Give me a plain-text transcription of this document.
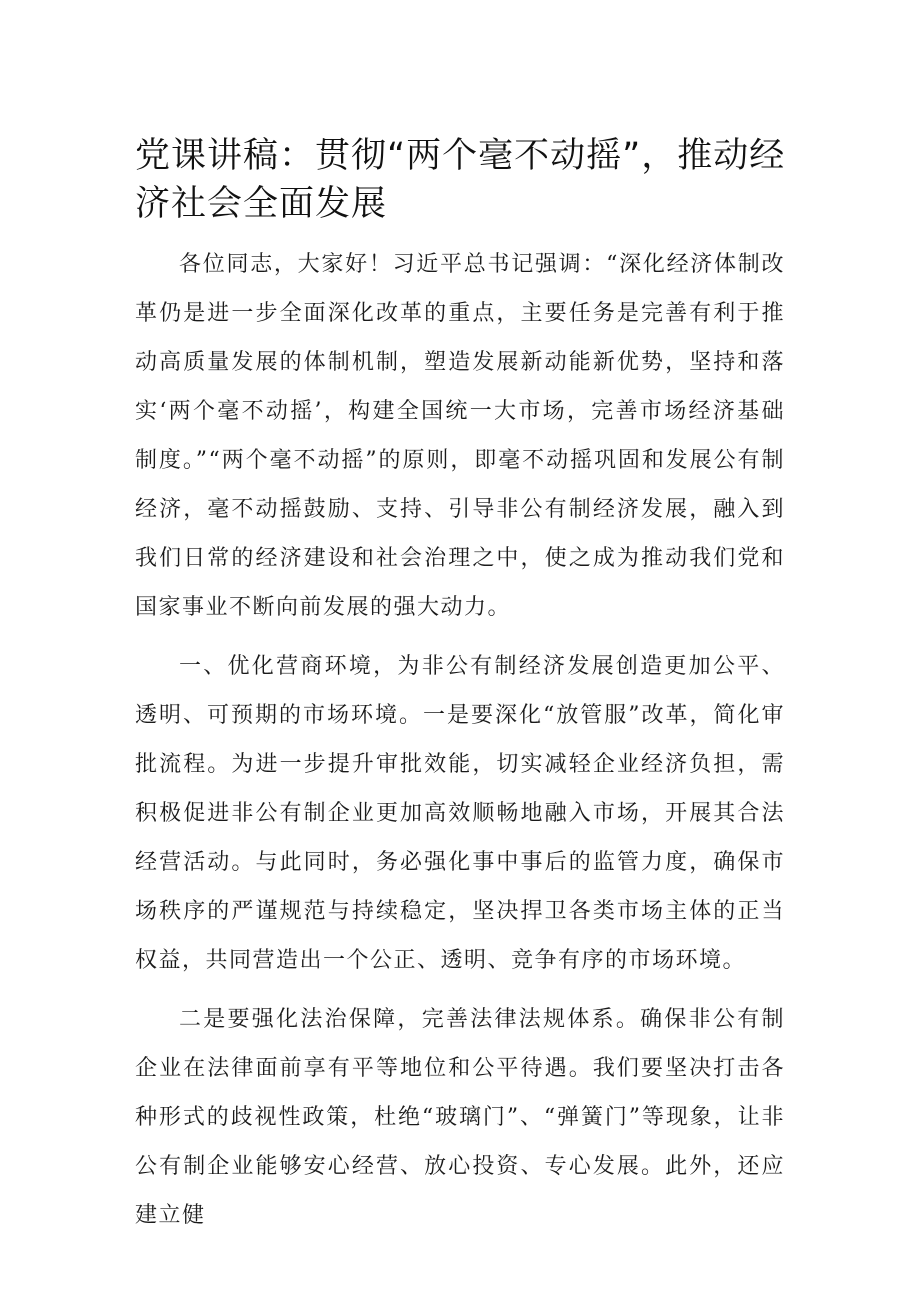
党课讲稿：贯彻“两个毫不动摇”，推动经济社会全面发展

各位同志，大家好！习近平总书记强调：“深化经济体制改革仍是进一步全面深化改革的重点，主要任务是完善有利于推动高质量发展的体制机制，塑造发展新动能新优势，坚持和落实‘两个毫不动摇’，构建全国统一大市场，完善市场经济基础制度。”“两个毫不动摇”的原则，即毫不动摇巩固和发展公有制经济，毫不动摇鼓励、支持、引导非公有制经济发展，融入到我们日常的经济建设和社会治理之中，使之成为推动我们党和国家事业不断向前发展的强大动力。

一、优化营商环境，为非公有制经济发展创造更加公平、透明、可预期的市场环境。一是要深化“放管服”改革，简化审批流程。为进一步提升审批效能，切实减轻企业经济负担，需积极促进非公有制企业更加高效顺畅地融入市场，开展其合法经营活动。与此同时，务必强化事中事后的监管力度，确保市场秩序的严谨规范与持续稳定，坚决捍卫各类市场主体的正当权益，共同营造出一个公正、透明、竞争有序的市场环境。

二是要强化法治保障，完善法律法规体系。确保非公有制企业在法律面前享有平等地位和公平待遇。我们要坚决打击各种形式的歧视性政策，杜绝“玻璃门”、“弹簧门”等现象，让非公有制企业能够安心经营、放心投资、专心发展。此外，还应建立健
